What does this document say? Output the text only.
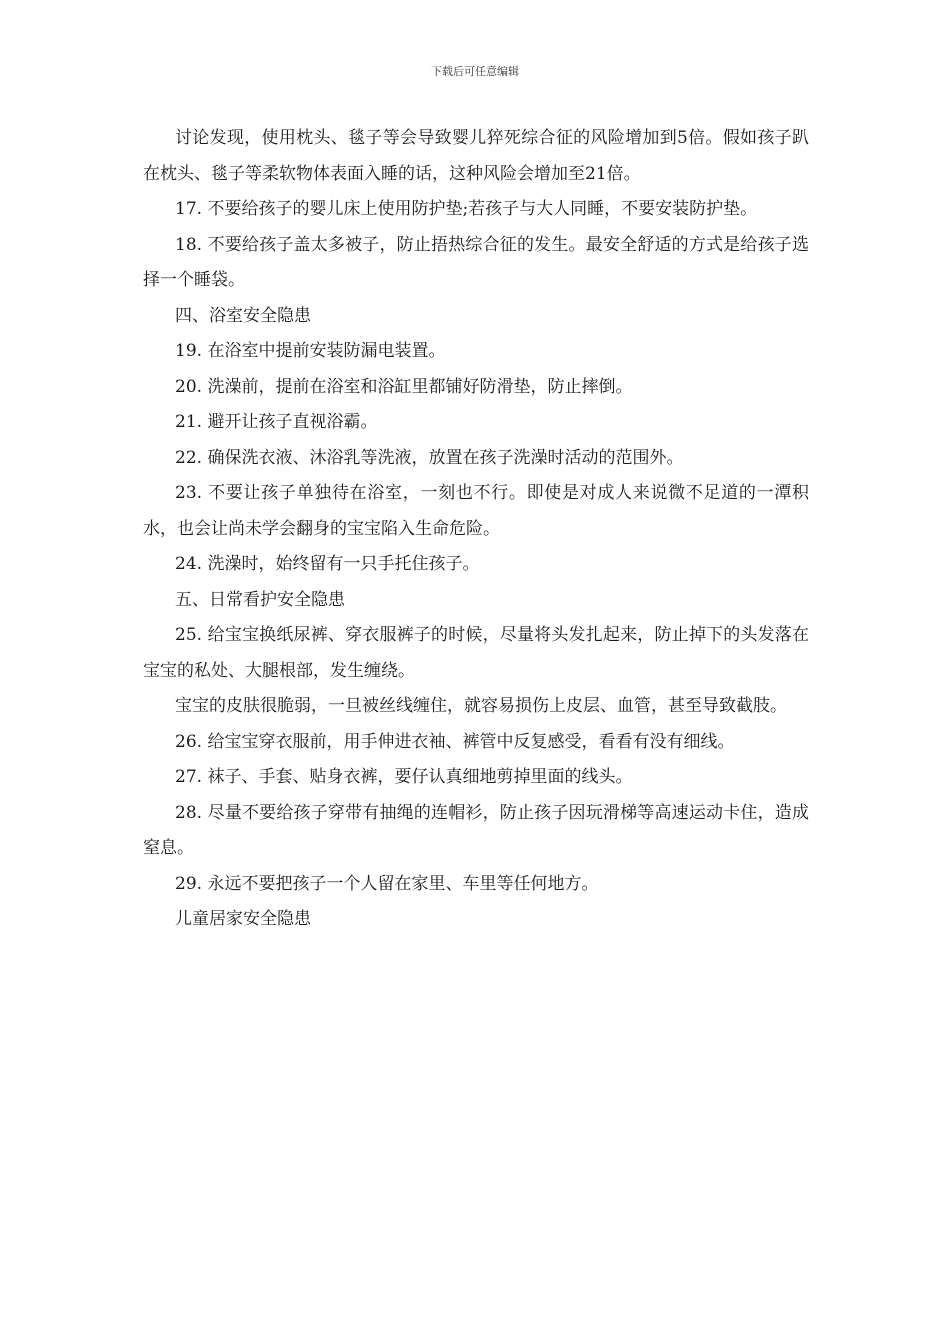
下载后可任意编辑

讨论发现，使用枕头、毯子等会导致婴儿猝死综合征的风险增加到5倍。假如孩子趴在枕头、毯子等柔软物体表面入睡的话，这种风险会增加至21倍。

17. 不要给孩子的婴儿床上使用防护垫;若孩子与大人同睡，不要安装防护垫。

18. 不要给孩子盖太多被子，防止捂热综合征的发生。最安全舒适的方式是给孩子选择一个睡袋。

四、浴室安全隐患

19. 在浴室中提前安装防漏电装置。

20. 洗澡前，提前在浴室和浴缸里都铺好防滑垫，防止摔倒。

21. 避开让孩子直视浴霸。

22. 确保洗衣液、沐浴乳等洗液，放置在孩子洗澡时活动的范围外。

23. 不要让孩子单独待在浴室，一刻也不行。即使是对成人来说微不足道的一潭积水，也会让尚未学会翻身的宝宝陷入生命危险。

24. 洗澡时，始终留有一只手托住孩子。

五、日常看护安全隐患

25. 给宝宝换纸尿裤、穿衣服裤子的时候，尽量将头发扎起来，防止掉下的头发落在宝宝的私处、大腿根部，发生缠绕。

宝宝的皮肤很脆弱，一旦被丝线缠住，就容易损伤上皮层、血管，甚至导致截肢。

26. 给宝宝穿衣服前，用手伸进衣袖、裤管中反复感受，看看有没有细线。

27. 袜子、手套、贴身衣裤，要仔认真细地剪掉里面的线头。

28. 尽量不要给孩子穿带有抽绳的连帽衫，防止孩子因玩滑梯等高速运动卡住，造成窒息。

29. 永远不要把孩子一个人留在家里、车里等任何地方。

儿童居家安全隐患
